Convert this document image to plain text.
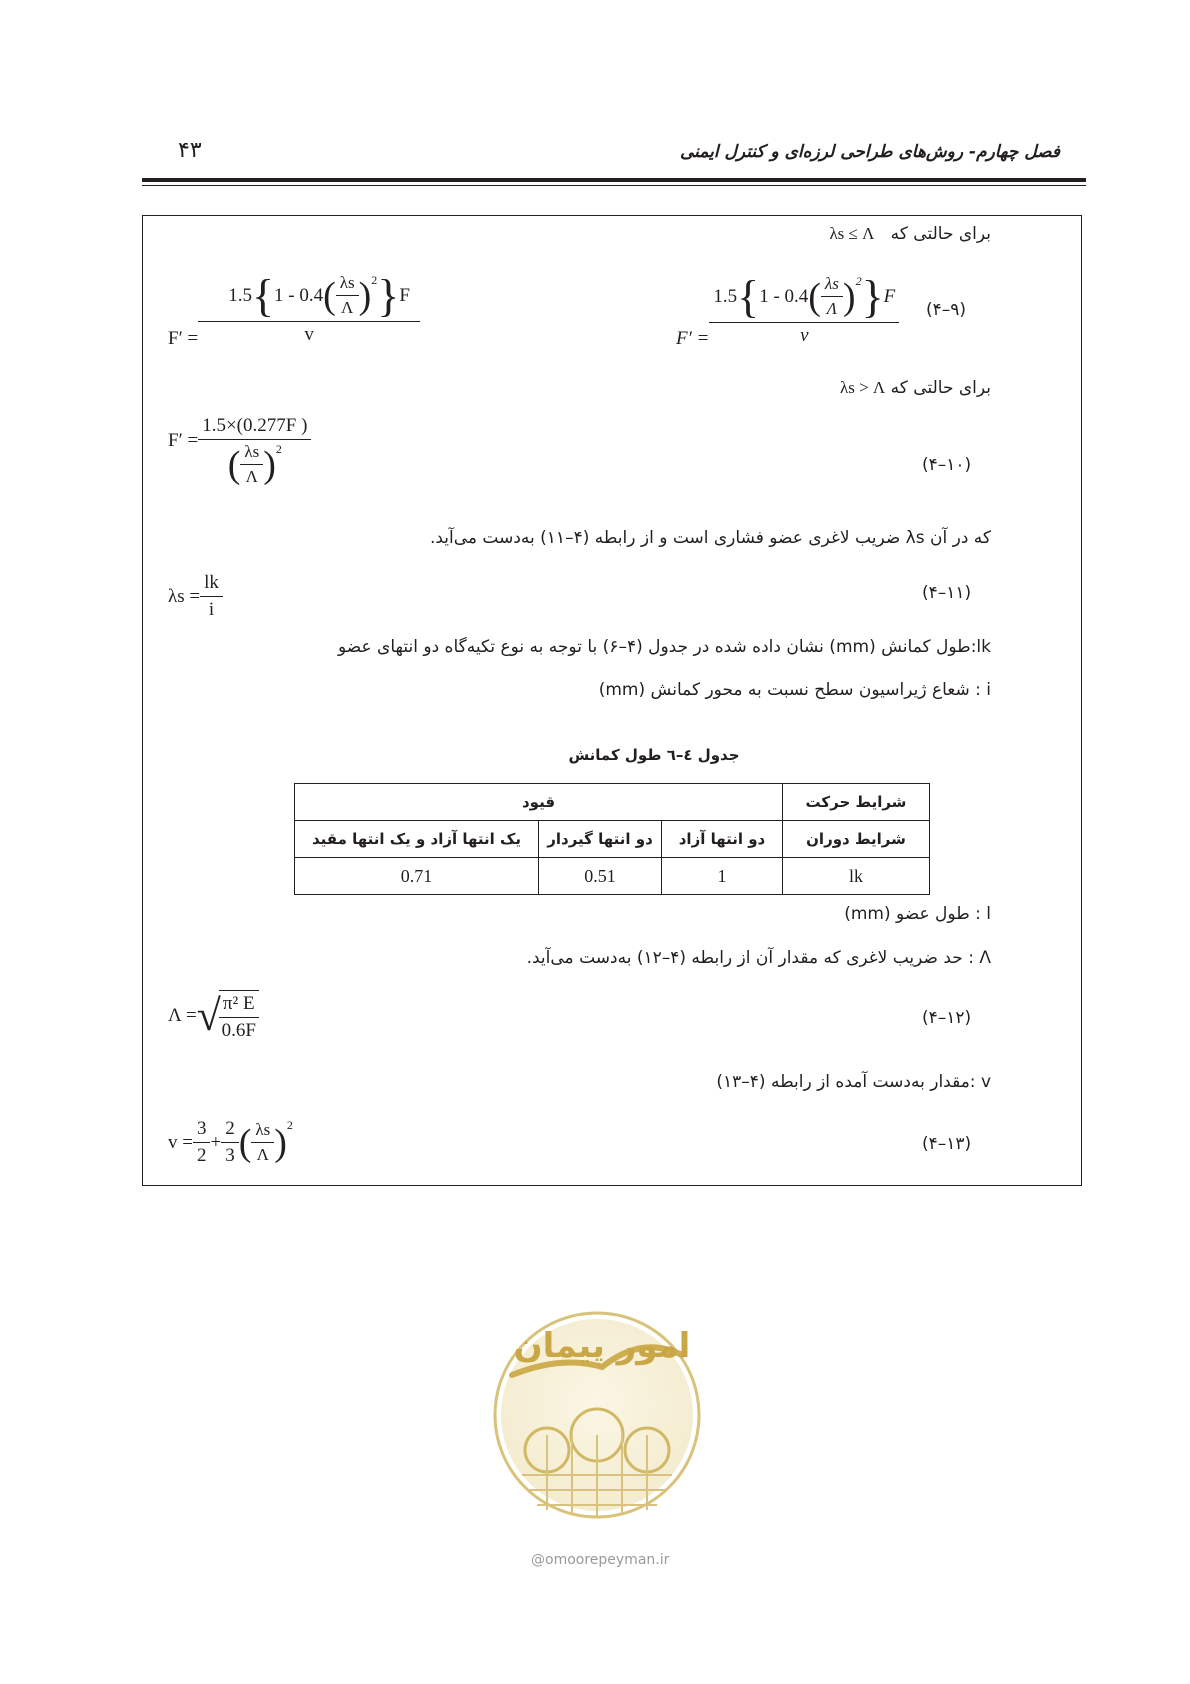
۴۳	فصل چهارم- روش‌های طراحی لرزه‌ای و کنترل ایمنی
برای حالتی که   λs ≤ Λ
$F' = \frac{1.5 \{ 1 - 0.4 ( \frac{\lambda s}{\Lambda} )^2 \} F}{v}$	$F' = \frac{1.5 \{ 1 - 0.4 ( \frac{\lambda s}{\Lambda} )^2 \} F}{v}$ (۹–۴)
برای حالتی که λs > Λ
$F' = \frac{1.5\times(0.277F )}{( \frac{\lambda s}{\Lambda} )^2}$	(۱۰–۴)
که در آن λs ضریب لاغری عضو فشاری است و از رابطه (۴–۱۱) به‌دست می‌آید.
$\lambda s = \frac{lk}{i}$	(۱۱–۴)
lk:طول کمانش (mm) نشان داده شده در جدول (۴–۶) با توجه به نوع تکیه‌گاه دو انتهای عضو
i : شعاع ژیراسیون سطح نسبت به محور کمانش (mm)
جدول ٤–٦ طول کمانش
شرایط حرکت	قیود		
شرایط دوران	دو انتها آزاد	دو انتها گیردار	یک انتها آزاد و یک انتها مقید
lk	1	0.51	0.71
l : طول عضو (mm)
Λ : حد ضریب لاغری که مقدار آن از رابطه (۴–۱۲) به‌دست می‌آید.
Λ = √
$\frac{\text{π² E}}{0.6F}$	(۱۲–۴)
v :مقدار به‌دست آمده از رابطه (۴–۱۳)
$v = \frac{3}{2} + \frac{2}{3}$ ( $\frac{\lambda s}{\Lambda} )^2$
(۱۳–۴)
امور پیمان
@omoorepeyman.ir
